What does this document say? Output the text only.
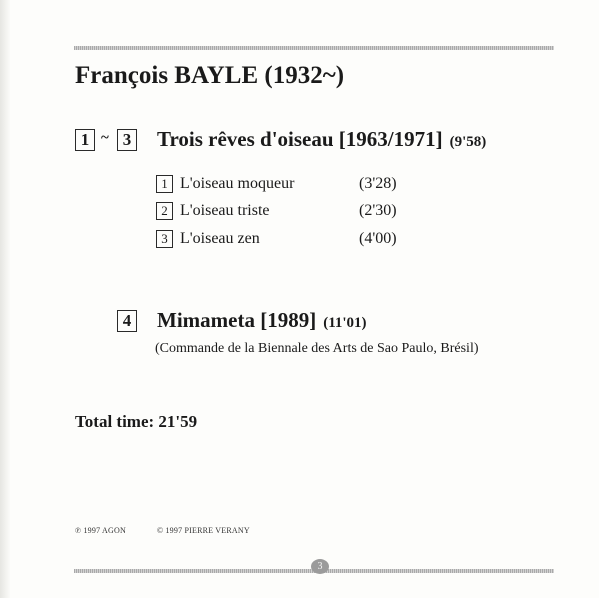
François BAYLE (1932~)
1 ~ 3 Trois rêves d'oiseau [1963/1971] (9'58)
1 L'oiseau moqueur	(3'28)
2 L'oiseau triste	(2'30)
3 L'oiseau zen	(4'00)
4 Mimameta [1989] (11'01)
(Commande de la Biennale des Arts de Sao Paulo, Brésil)
Total time: 21'59
℗ 1997 AGON	© 1997 PIERRE VERANY
3
